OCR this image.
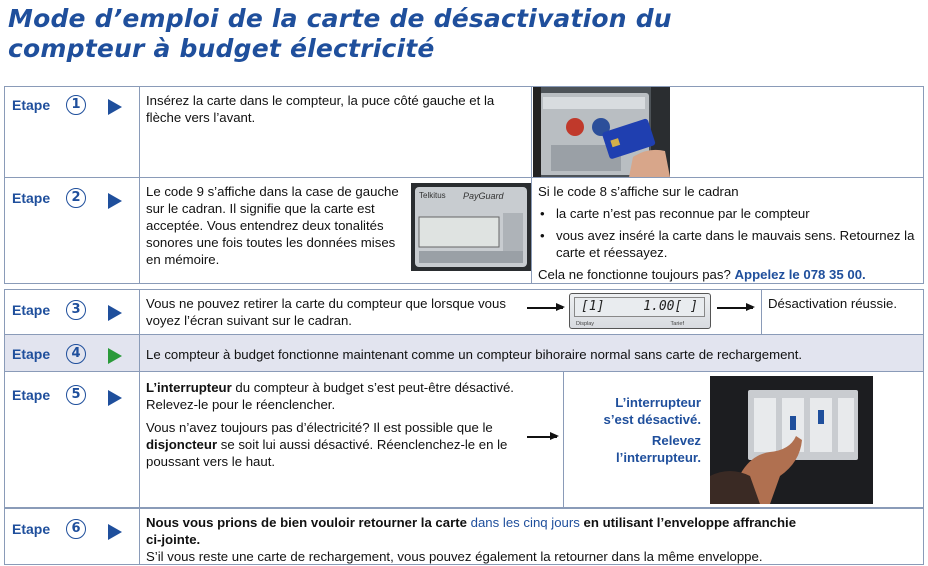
Mode d’emploi de la carte de désactivation du
compteur à budget électricité
Etape	1	Insérez la carte dans le compteur, la puce côté gauche et la flèche vers l’avant.
Etape	2	Le code 9 s’affiche dans la case de gauche sur le cadran. Il signifie que la carte est acceptée. Vous entendrez deux tonalités sonores une fois toutes les données mises en mémoire.
Telkitus PayGuard	Si le code 8 s’affiche sur le cadran
• la carte n’est pas reconnue par le compteur
• vous avez inséré la carte dans le mauvais sens. Retournez la carte et réessayez.
Cela ne fonctionne toujours pas? Appelez le 078 35 00.
Etape	3	Vous ne pouvez retirer la carte du compteur que lorsque vous voyez l’écran suivant sur le cadran.
[1]	1.00[ ]
Display	Tarief
Désactivation réussie.
Etape	4	Le compteur à budget fonctionne maintenant comme un compteur bihoraire normal sans carte de rechargement.
Etape	5	L’interrupteur du compteur à budget s’est peut-être désactivé. Relevez-le pour le réenclencher.
Vous n’avez toujours pas d’électricité? Il est possible que le disjoncteur se soit lui aussi désactivé. Réenclenchez-le en le poussant vers le haut.
L’interrupteur
s’est désactivé.
Relevez
l’interrupteur.
Etape	6	Nous vous prions de bien vouloir retourner la carte dans les cinq jours en utilisant l’enveloppe affranchie
ci-jointe.
S’il vous reste une carte de rechargement, vous pouvez également la retourner dans la même enveloppe.
